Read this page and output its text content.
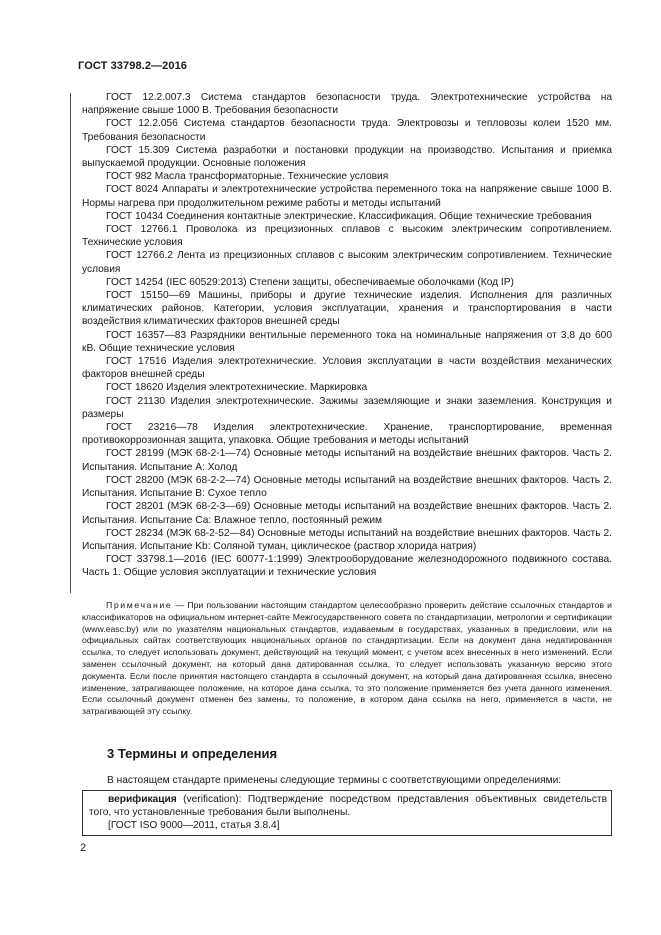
ГОСТ 33798.2—2016

ГОСТ 12.2.007.3 Система стандартов безопасности труда. Электротехнические устройства на напряжение свыше 1000 В. Требования безопасности

ГОСТ 12.2.056 Система стандартов безопасности труда. Электровозы и тепловозы колеи 1520 мм. Требования безопасности

ГОСТ 15.309 Система разработки и постановки продукции на производство. Испытания и приемка выпускаемой продукции. Основные положения

ГОСТ 982 Масла трансформаторные. Технические условия

ГОСТ 8024 Аппараты и электротехнические устройства переменного тока на напряжение свыше 1000 В. Нормы нагрева при продолжительном режиме работы и методы испытаний

ГОСТ 10434 Соединения контактные электрические. Классификация. Общие технические требования

ГОСТ 12766.1 Проволока из прецизионных сплавов с высоким электрическим сопротивлением. Технические условия

ГОСТ 12766.2 Лента из прецизионных сплавов с высоким электрическим сопротивлением. Технические условия

ГОСТ 14254 (IEC 60529:2013) Степени защиты, обеспечиваемые оболочками (Код IP)

ГОСТ 15150—69 Машины, приборы и другие технические изделия. Исполнения для различных климатических районов. Категории, условия эксплуатации, хранения и транспортирования в части воздействия климатических факторов внешней среды

ГОСТ 16357—83 Разрядники вентильные переменного тока на номинальные напряжения от 3,8 до 600 кВ. Общие технические условия

ГОСТ 17516 Изделия электротехнические. Условия эксплуатации в части воздействия механических факторов внешней среды

ГОСТ 18620 Изделия электротехнические. Маркировка

ГОСТ 21130 Изделия электротехнические. Зажимы заземляющие и знаки заземления. Конструкция и размеры

ГОСТ 23216—78 Изделия электротехнические. Хранение, транспортирование, временная противокоррозионная защита, упаковка. Общие требования и методы испытаний

ГОСТ 28199 (МЭК 68-2-1—74) Основные методы испытаний на воздействие внешних факторов. Часть 2. Испытания. Испытание А: Холод

ГОСТ 28200 (МЭК 68-2-2—74) Основные методы испытаний на воздействие внешних факторов. Часть 2. Испытания. Испытание В: Сухое тепло

ГОСТ 28201 (МЭК 68-2-3—69) Основные методы испытаний на воздействие внешних факторов. Часть 2. Испытания. Испытание Са: Влажное тепло, постоянный режим

ГОСТ 28234 (МЭК 68-2-52—84) Основные методы испытаний на воздействие внешних факторов. Часть 2. Испытания. Испытание Kb: Соляной туман, циклическое (раствор хлорида натрия)

ГОСТ 33798.1—2016 (IEC 60077-1:1999) Электрооборудование железнодорожного подвижного состава. Часть 1. Общие условия эксплуатации и технические условия

Примечание — При пользовании настоящим стандартом целесообразно проверить действие ссылочных стандартов и классификаторов на официальном интернет-сайте Межгосударственного совета по стандартизации, метрологии и сертификации (www.easc.by) или по указателям национальных стандартов, издаваемым в государствах, указанных в предисловии, или на официальных сайтах соответствующих национальных органов по стандартизации. Если на документ дана недатированная ссылка, то следует использовать документ, действующий на текущий момент, с учетом всех внесенных в него изменений. Если заменен ссылочный документ, на который дана датированная ссылка, то следует использовать указанную версию этого документа. Если после принятия настоящего стандарта в ссылочный документ, на который дана датированная ссылка, внесено изменение, затрагивающее положение, на которое дана ссылка, то это положение применяется без учета данного изменения. Если ссылочный документ отменен без замены, то положение, в котором дана ссылка на него, применяется в части, не затрагивающей эту ссылку.

3 Термины и определения

В настоящем стандарте применены следующие термины с соответствующими определениями:

верификация (verification): Подтверждение посредством представления объективных свидетельств того, что установленные требования были выполнены.

[ГОСТ ISO 9000—2011, статья 3.8.4]

2
